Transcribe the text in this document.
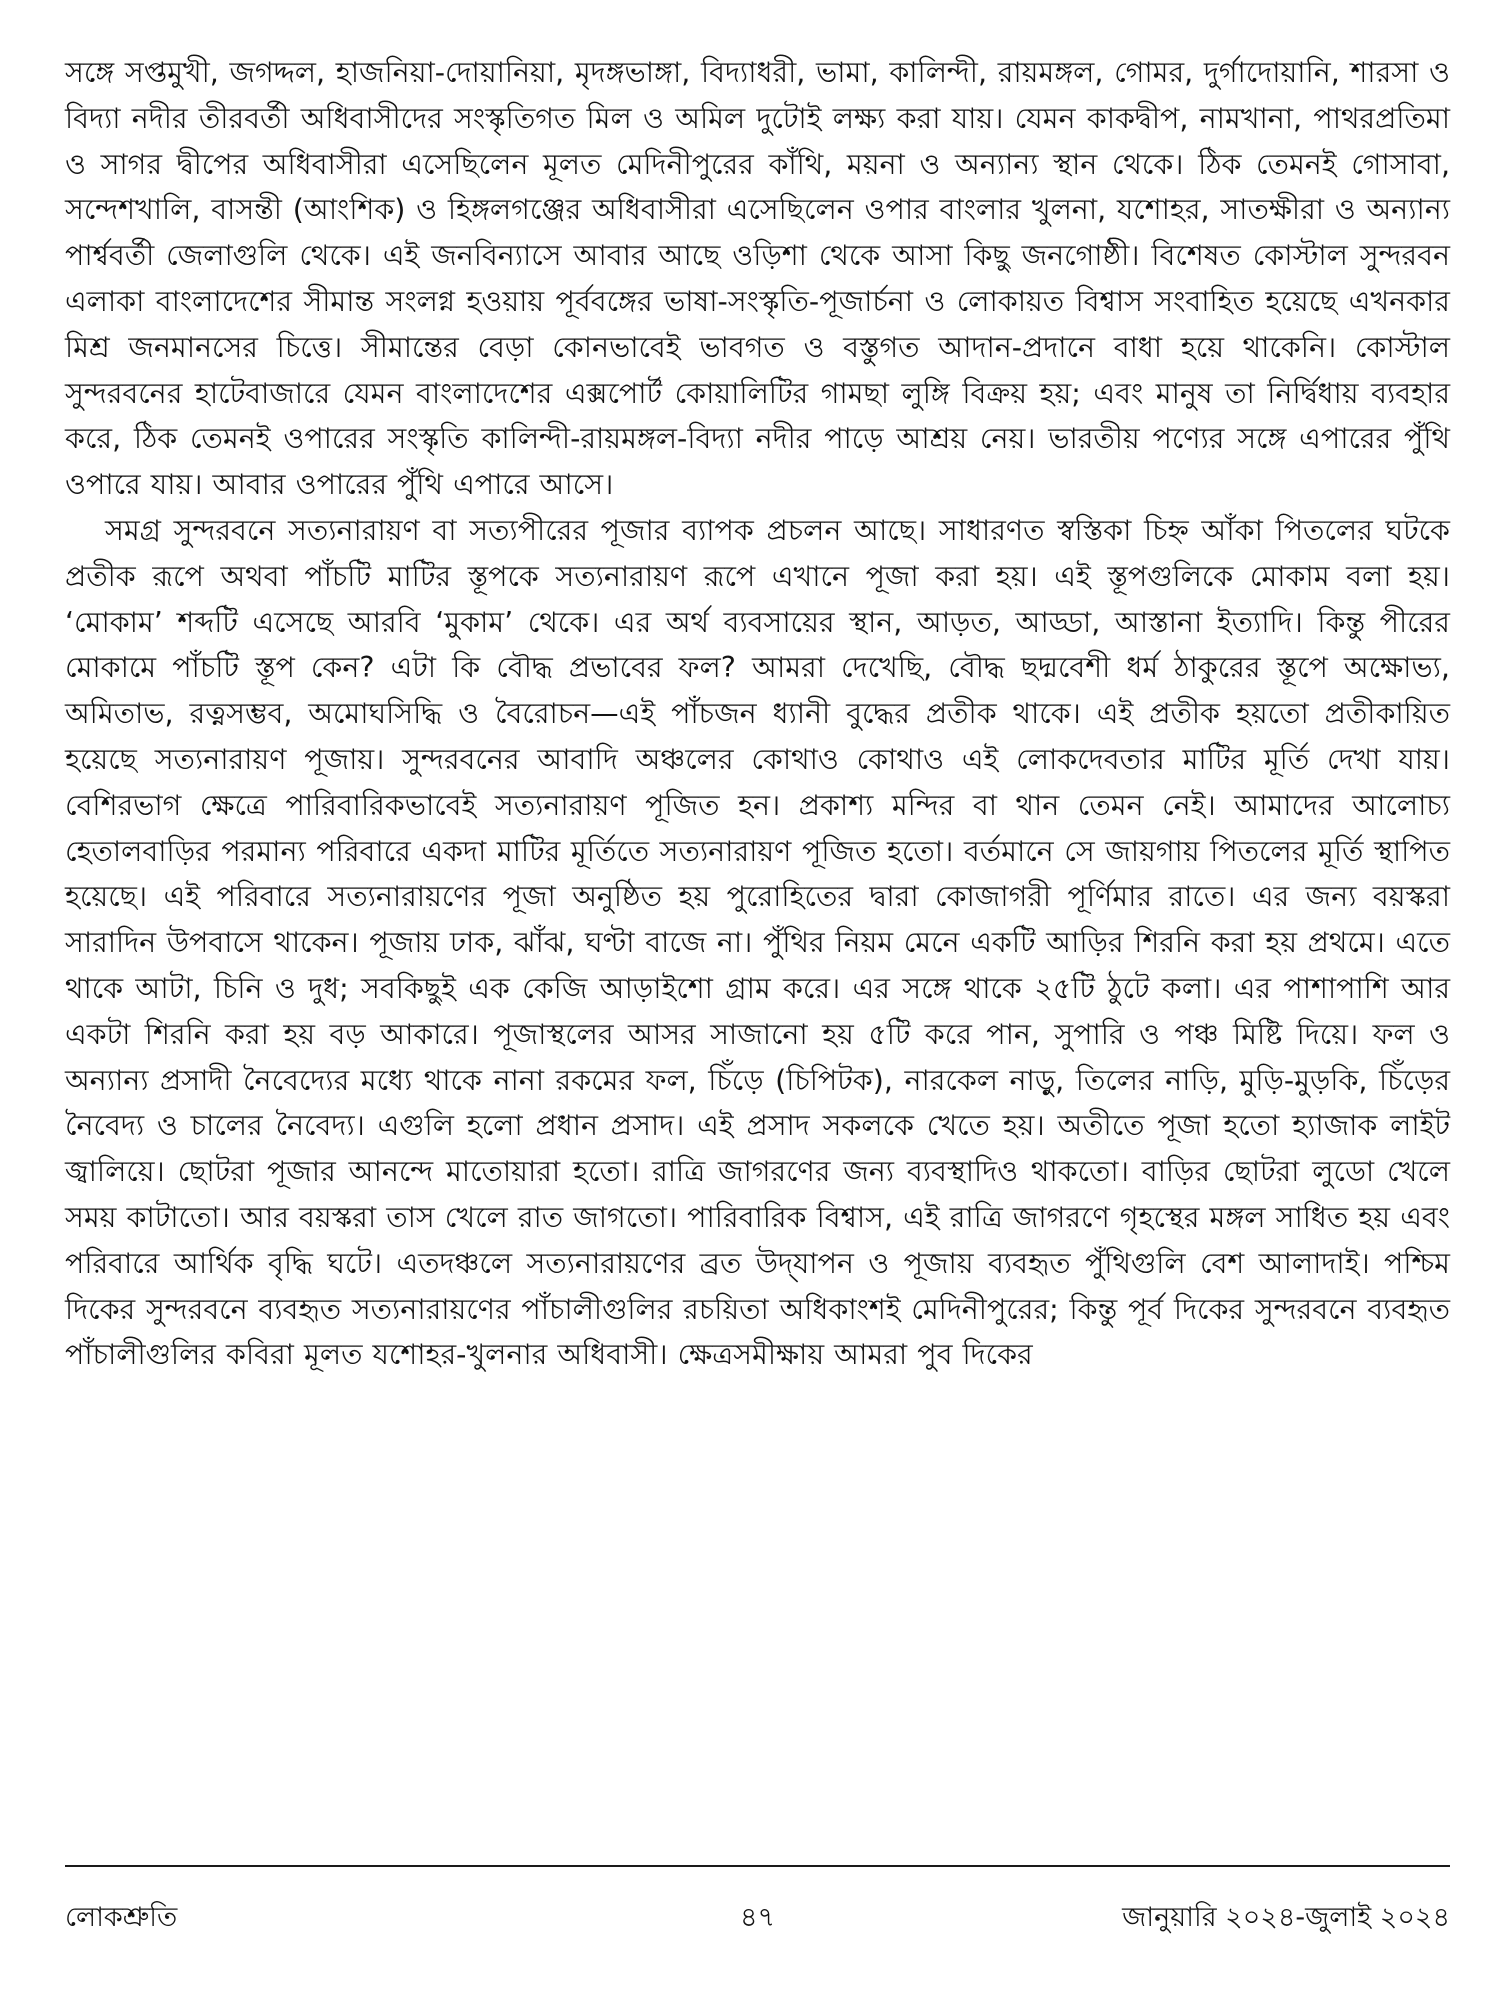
সঙ্গে সপ্তমুখী, জগদ্দল, হাজনিয়া-দোয়ানিয়া, মৃদঙ্গভাঙ্গা, বিদ্যাধরী, ভামা, কালিন্দী, রায়মঙ্গল, গোমর, দুর্গাদোয়ানি, শারসা ও বিদ্যা নদীর তীরবর্তী অধিবাসীদের সংস্কৃতিগত মিল ও অমিল দুটোই লক্ষ্য করা যায়। যেমন কাকদ্বীপ, নামখানা, পাথরপ্রতিমা ও সাগর দ্বীপের অধিবাসীরা এসেছিলেন মূলত মেদিনীপুরের কাঁথি, ময়না ও অন্যান্য স্থান থেকে। ঠিক তেমনই গোসাবা, সন্দেশখালি, বাসন্তী (আংশিক) ও হিঙ্গলগঞ্জের অধিবাসীরা এসেছিলেন ওপার বাংলার খুলনা, যশোহর, সাতক্ষীরা ও অন্যান্য পার্শ্ববর্তী জেলাগুলি থেকে। এই জনবিন্যাসে আবার আছে ওড়িশা থেকে আসা কিছু জনগোষ্ঠী। বিশেষত কোস্টাল সুন্দরবন এলাকা বাংলাদেশের সীমান্ত সংলগ্ন হওয়ায় পূর্ববঙ্গের ভাষা-সংস্কৃতি-পূজার্চনা ও লোকায়ত বিশ্বাস সংবাহিত হয়েছে এখনকার মিশ্র জনমানসের চিত্তে। সীমান্তের বেড়া কোনভাবেই ভাবগত ও বস্তুগত আদান-প্রদানে বাধা হয়ে থাকেনি। কোস্টাল সুন্দরবনের হাটেবাজারে যেমন বাংলাদেশের এক্সপোর্ট কোয়ালিটির গামছা লুঙ্গি বিক্রয় হয়; এবং মানুষ তা নির্দ্বিধায় ব্যবহার করে, ঠিক তেমনই ওপারের সংস্কৃতি কালিন্দী-রায়মঙ্গল-বিদ্যা নদীর পাড়ে আশ্রয় নেয়। ভারতীয় পণ্যের সঙ্গে এপারের পুঁথি ওপারে যায়। আবার ওপারের পুঁথি এপারে আসে।

সমগ্র সুন্দরবনে সত্যনারায়ণ বা সত্যপীরের পূজার ব্যাপক প্রচলন আছে। সাধারণত স্বস্তিকা চিহ্ন আঁকা পিতলের ঘটকে প্রতীক রূপে অথবা পাঁচটি মাটির স্তূপকে সত্যনারায়ণ রূপে এখানে পূজা করা হয়। এই স্তূপগুলিকে মোকাম বলা হয়। ‘মোকাম’ শব্দটি এসেছে আরবি ‘মুকাম’ থেকে। এর অর্থ ব্যবসায়ের স্থান, আড়ত, আড্ডা, আস্তানা ইত্যাদি। কিন্তু পীরের মোকামে পাঁচটি স্তূপ কেন? এটা কি বৌদ্ধ প্রভাবের ফল? আমরা দেখেছি, বৌদ্ধ ছদ্মবেশী ধর্ম ঠাকুরের স্তূপে অক্ষোভ্য, অমিতাভ, রত্নসম্ভব, অমোঘসিদ্ধি ও বৈরোচন—এই পাঁচজন ধ্যানী বুদ্ধের প্রতীক থাকে। এই প্রতীক হয়তো প্রতীকায়িত হয়েছে সত্যনারায়ণ পূজায়। সুন্দরবনের আবাদি অঞ্চলের কোথাও কোথাও এই লোকদেবতার মাটির মূর্তি দেখা যায়। বেশিরভাগ ক্ষেত্রে পারিবারিকভাবেই সত্যনারায়ণ পূজিত হন। প্রকাশ্য মন্দির বা থান তেমন নেই। আমাদের আলোচ্য হেতালবাড়ির পরমান্য পরিবারে একদা মাটির মূর্তিতে সত্যনারায়ণ পূজিত হতো। বর্তমানে সে জায়গায় পিতলের মূর্তি স্থাপিত হয়েছে। এই পরিবারে সত্যনারায়ণের পূজা অনুষ্ঠিত হয় পুরোহিতের দ্বারা কোজাগরী পূর্ণিমার রাতে। এর জন্য বয়স্করা সারাদিন উপবাসে থাকেন। পূজায় ঢাক, ঝাঁঝ, ঘণ্টা বাজে না। পুঁথির নিয়ম মেনে একটি আড়ির শিরনি করা হয় প্রথমে। এতে থাকে আটা, চিনি ও দুধ; সবকিছুই এক কেজি আড়াইশো গ্রাম করে। এর সঙ্গে থাকে ২৫টি ঠুটে কলা। এর পাশাপাশি আর একটা শিরনি করা হয় বড় আকারে। পূজাস্থলের আসর সাজানো হয় ৫টি করে পান, সুপারি ও পঞ্চ মিষ্টি দিয়ে। ফল ও অন্যান্য প্রসাদী নৈবেদ্যের মধ্যে থাকে নানা রকমের ফল, চিঁড়ে (চিপিটক), নারকেল নাড়ু, তিলের নাড়ি, মুড়ি-মুড়কি, চিঁড়ের নৈবেদ্য ও চালের নৈবেদ্য। এগুলি হলো প্রধান প্রসাদ। এই প্রসাদ সকলকে খেতে হয়। অতীতে পূজা হতো হ্যাজাক লাইট জ্বালিয়ে। ছোটরা পূজার আনন্দে মাতোয়ারা হতো। রাত্রি জাগরণের জন্য ব্যবস্থাদিও থাকতো। বাড়ির ছোটরা লুডো খেলে সময় কাটাতো। আর বয়স্করা তাস খেলে রাত জাগতো। পারিবারিক বিশ্বাস, এই রাত্রি জাগরণে গৃহস্থের মঙ্গল সাধিত হয় এবং পরিবারে আর্থিক বৃদ্ধি ঘটে। এতদঞ্চলে সত্যনারায়ণের ব্রত উদ্‌যাপন ও পূজায় ব্যবহৃত পুঁথিগুলি বেশ আলাদাই। পশ্চিম দিকের সুন্দরবনে ব্যবহৃত সত্যনারায়ণের পাঁচালীগুলির রচয়িতা অধিকাংশই মেদিনীপুরের; কিন্তু পূর্ব দিকের সুন্দরবনে ব্যবহৃত পাঁচালীগুলির কবিরা মূলত যশোহর-খুলনার অধিবাসী। ক্ষেত্রসমীক্ষায় আমরা পুব দিকের

৪৭
লোকশ্রুতি	জানুয়ারি ২০২৪-জুলাই ২০২৪
